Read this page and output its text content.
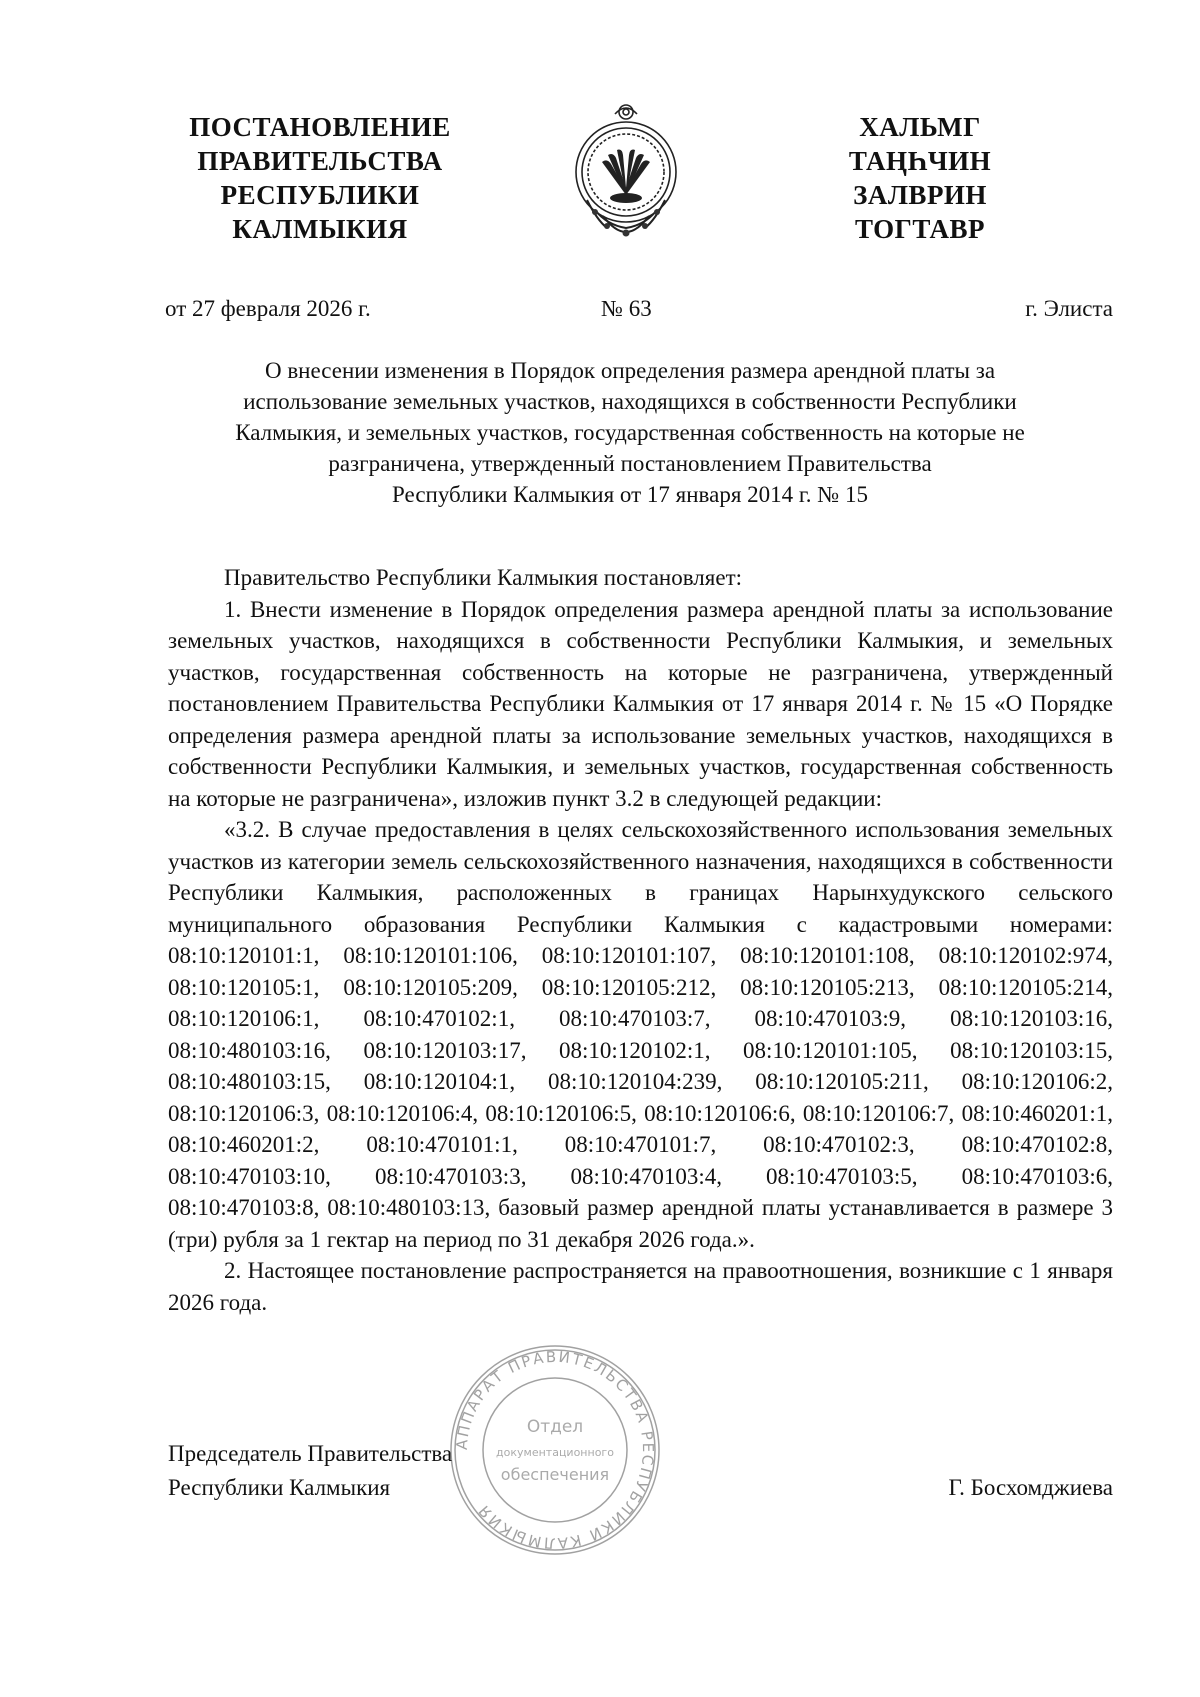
ПОСТАНОВЛЕНИЕ
ПРАВИТЕЛЬСТВА
РЕСПУБЛИКИ
КАЛМЫКИЯ
ХАЛЬМГ
ТАҢҺЧИН
ЗАЛВРИН
ТОГТАВР
от 27 февраля 2026 г.	№ 63	г. Элиста
О внесении изменения в Порядок определения размера арендной платы за
использование земельных участков, находящихся в собственности Республики
Калмыкия, и земельных участков, государственная собственность на которые не
разграничена, утвержденный постановлением Правительства
Республики Калмыкия от 17 января 2014 г. № 15

Правительство Республики Калмыкия постановляет:

1. Внести изменение в Порядок определения размера арендной платы за использование земельных участков, находящихся в собственности Республики Калмыкия, и земельных участков, государственная собственность на которые не разграничена, утвержденный постановлением Правительства Республики Калмыкия от 17 января 2014 г. № 15 «О Порядке определения размера арендной платы за использование земельных участков, находящихся в собственности Республики Калмыкия, и земельных участков, государственная собственность на которые не разграничена», изложив пункт 3.2 в следующей редакции:

«3.2. В случае предоставления в целях сельскохозяйственного использования земельных участков из категории земель сельскохозяйственного назначения, находящихся в собственности Республики Калмыкия, расположенных в границах Нарынхудукского сельского муниципального образования Республики Калмыкия с кадастровыми номерами: 08:10:120101:1, 08:10:120101:106, 08:10:120101:107, 08:10:120101:108, 08:10:120102:974, 08:10:120105:1, 08:10:120105:209, 08:10:120105:212, 08:10:120105:213, 08:10:120105:214, 08:10:120106:1, 08:10:470102:1, 08:10:470103:7, 08:10:470103:9, 08:10:120103:16, 08:10:480103:16, 08:10:120103:17, 08:10:120102:1, 08:10:120101:105, 08:10:120103:15, 08:10:480103:15, 08:10:120104:1, 08:10:120104:239, 08:10:120105:211, 08:10:120106:2, 08:10:120106:3, 08:10:120106:4, 08:10:120106:5, 08:10:120106:6, 08:10:120106:7, 08:10:460201:1, 08:10:460201:2, 08:10:470101:1, 08:10:470101:7, 08:10:470102:3, 08:10:470102:8, 08:10:470103:10, 08:10:470103:3, 08:10:470103:4, 08:10:470103:5, 08:10:470103:6, 08:10:470103:8, 08:10:480103:13, базовый размер арендной платы устанавливается в размере 3 (три) рубля за 1 гектар на период по 31 декабря 2026 года.».

2. Настоящее постановление распространяется на правоотношения, возникшие с 1 января 2026 года.

АППАРАТ ПРАВИТЕЛЬСТВА РЕСПУБЛИКИ КАЛМЫКИЯ
Отдел
документационного
обеспечения
Председатель Правительства
Республики Калмыкия	Г. Босхомджиева
